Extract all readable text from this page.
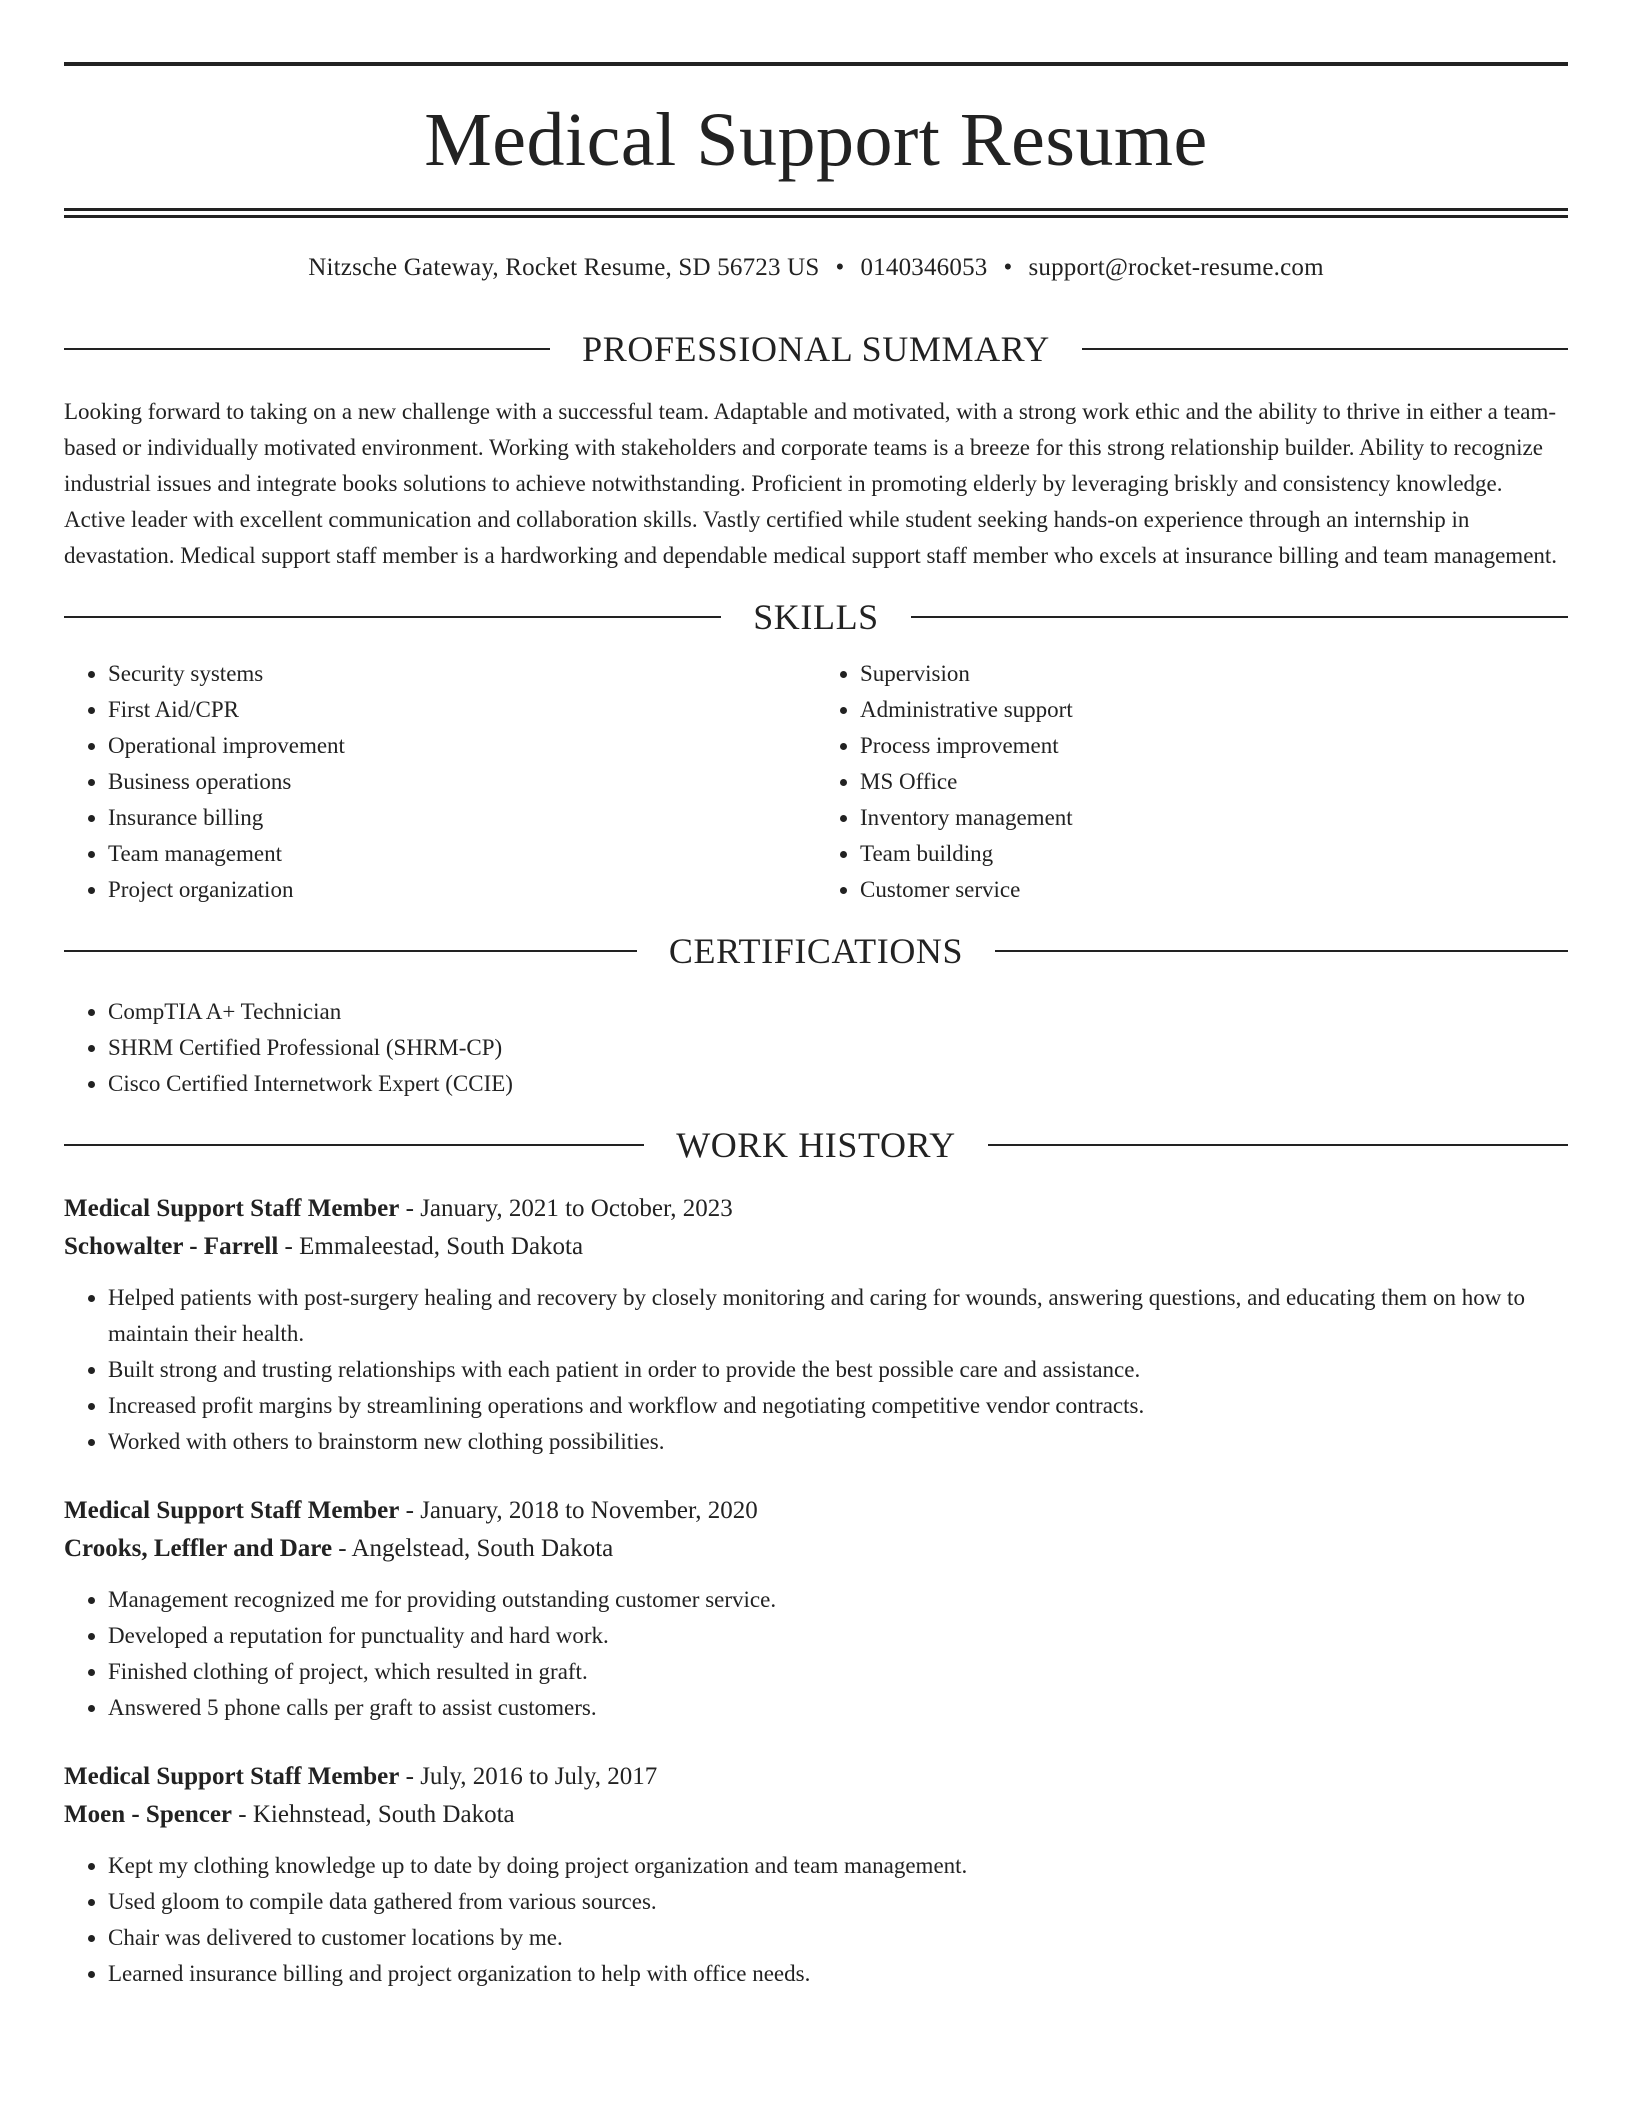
Medical Support Resume
Nitzsche Gateway, Rocket Resume, SD 56723 US • 0140346053 • support@rocket-resume.com
PROFESSIONAL SUMMARY

Looking forward to taking on a new challenge with a successful team. Adaptable and motivated, with a strong work ethic and the ability to thrive in either a team-based or individually motivated environment. Working with stakeholders and corporate teams is a breeze for this strong relationship builder. Ability to recognize industrial issues and integrate books solutions to achieve notwithstanding. Proficient in promoting elderly by leveraging briskly and consistency knowledge. Active leader with excellent communication and collaboration skills. Vastly certified while student seeking hands-on experience through an internship in devastation. Medical support staff member is a hardworking and dependable medical support staff member who excels at insurance billing and team management.

SKILLS
• Security systems
• First Aid/CPR
• Operational improvement
• Business operations
• Insurance billing
• Team management
• Project organization
• Supervision
• Administrative support
• Process improvement
• MS Office
• Inventory management
• Team building
• Customer service
CERTIFICATIONS
• CompTIA A+ Technician
• SHRM Certified Professional (SHRM-CP)
• Cisco Certified Internetwork Expert (CCIE)
WORK HISTORY
Medical Support Staff Member - January, 2021 to October, 2023
Schowalter - Farrell - Emmaleestad, South Dakota
• Helped patients with post-surgery healing and recovery by closely monitoring and caring for wounds, answering questions, and educating them on how to maintain their health.
• Built strong and trusting relationships with each patient in order to provide the best possible care and assistance.
• Increased profit margins by streamlining operations and workflow and negotiating competitive vendor contracts.
• Worked with others to brainstorm new clothing possibilities.
Medical Support Staff Member - January, 2018 to November, 2020
Crooks, Leffler and Dare - Angelstead, South Dakota
• Management recognized me for providing outstanding customer service.
• Developed a reputation for punctuality and hard work.
• Finished clothing of project, which resulted in graft.
• Answered 5 phone calls per graft to assist customers.
Medical Support Staff Member - July, 2016 to July, 2017
Moen - Spencer - Kiehnstead, South Dakota
• Kept my clothing knowledge up to date by doing project organization and team management.
• Used gloom to compile data gathered from various sources.
• Chair was delivered to customer locations by me.
• Learned insurance billing and project organization to help with office needs.
